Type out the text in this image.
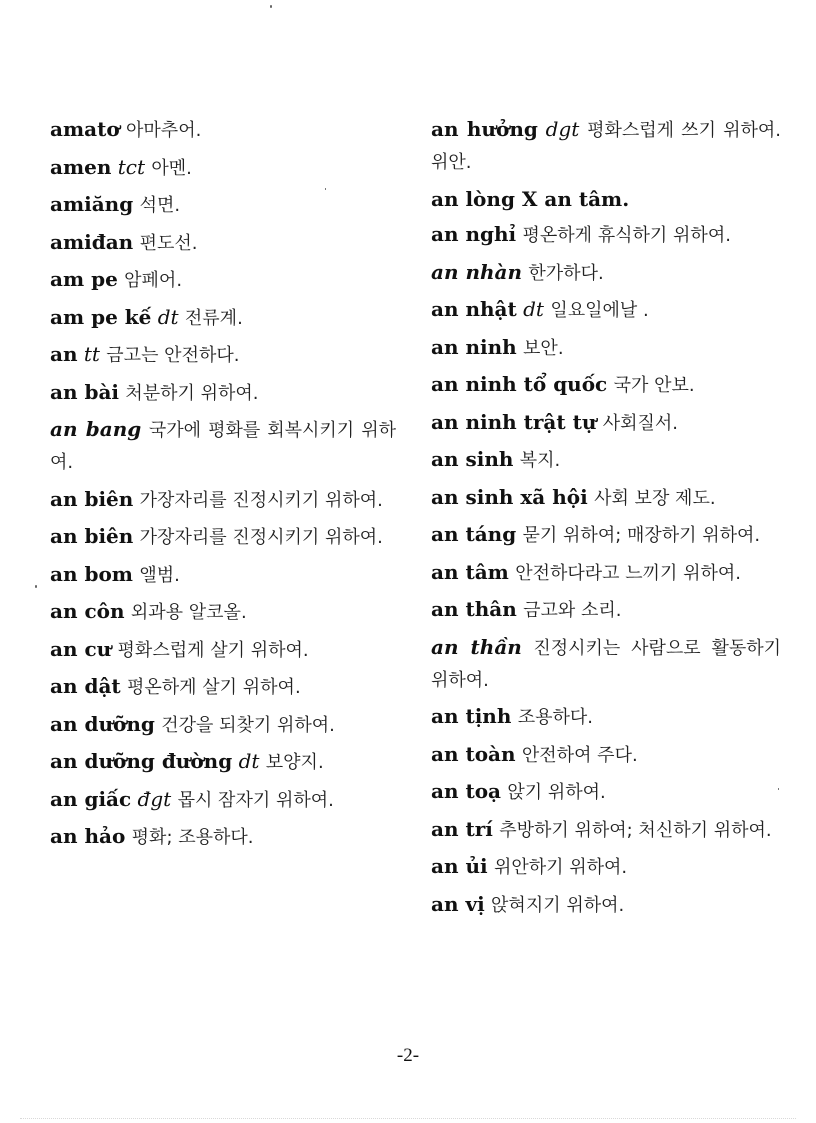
amatơ 아마추어.
amen tct 아멘.
amiăng 석면.
amiđan 편도선.
am pe 암페어.
am pe kế dt 전류계.
an tt 금고는 안전하다.
an bài 처분하기 위하여.
an bang 국가에 평화를 회복시키기 위하여.
an biên 가장자리를 진정시키기 위하여.
an biên 가장자리를 진정시키기 위하여.
an bom 앨범.
an côn 외과용 알코올.
an cư 평화스럽게 살기 위하여.
an dật 평온하게 살기 위하여.
an dưỡng 건강을 되찾기 위하여.
an dưỡng đường dt 보양지.
an giấc đgt 몹시 잠자기 위하여.
an hảo 평화; 조용하다.
an hưởng dgt 평화스럽게 쓰기 위하여. 위안.
an lòng X an tâm.
an nghỉ 평온하게 휴식하기 위하여.
an nhàn 한가하다.
an nhật dt 일요일에날 .
an ninh 보안.
an ninh tổ quốc 국가 안보.
an ninh trật tự 사회질서.
an sinh 복지.
an sinh xã hội 사회 보장 제도.
an táng 묻기 위하여; 매장하기 위하여.
an tâm 안전하다라고 느끼기 위하여.
an thân 금고와 소리.
an thần 진정시키는 사람으로 활동하기 위하여.
an tịnh 조용하다.
an toàn 안전하여 주다.
an toạ 앉기 위하여.
an trí 추방하기 위하여; 처신하기 위하여.
an ủi 위안하기 위하여.
an vị 앉혀지기 위하여.
-2-
